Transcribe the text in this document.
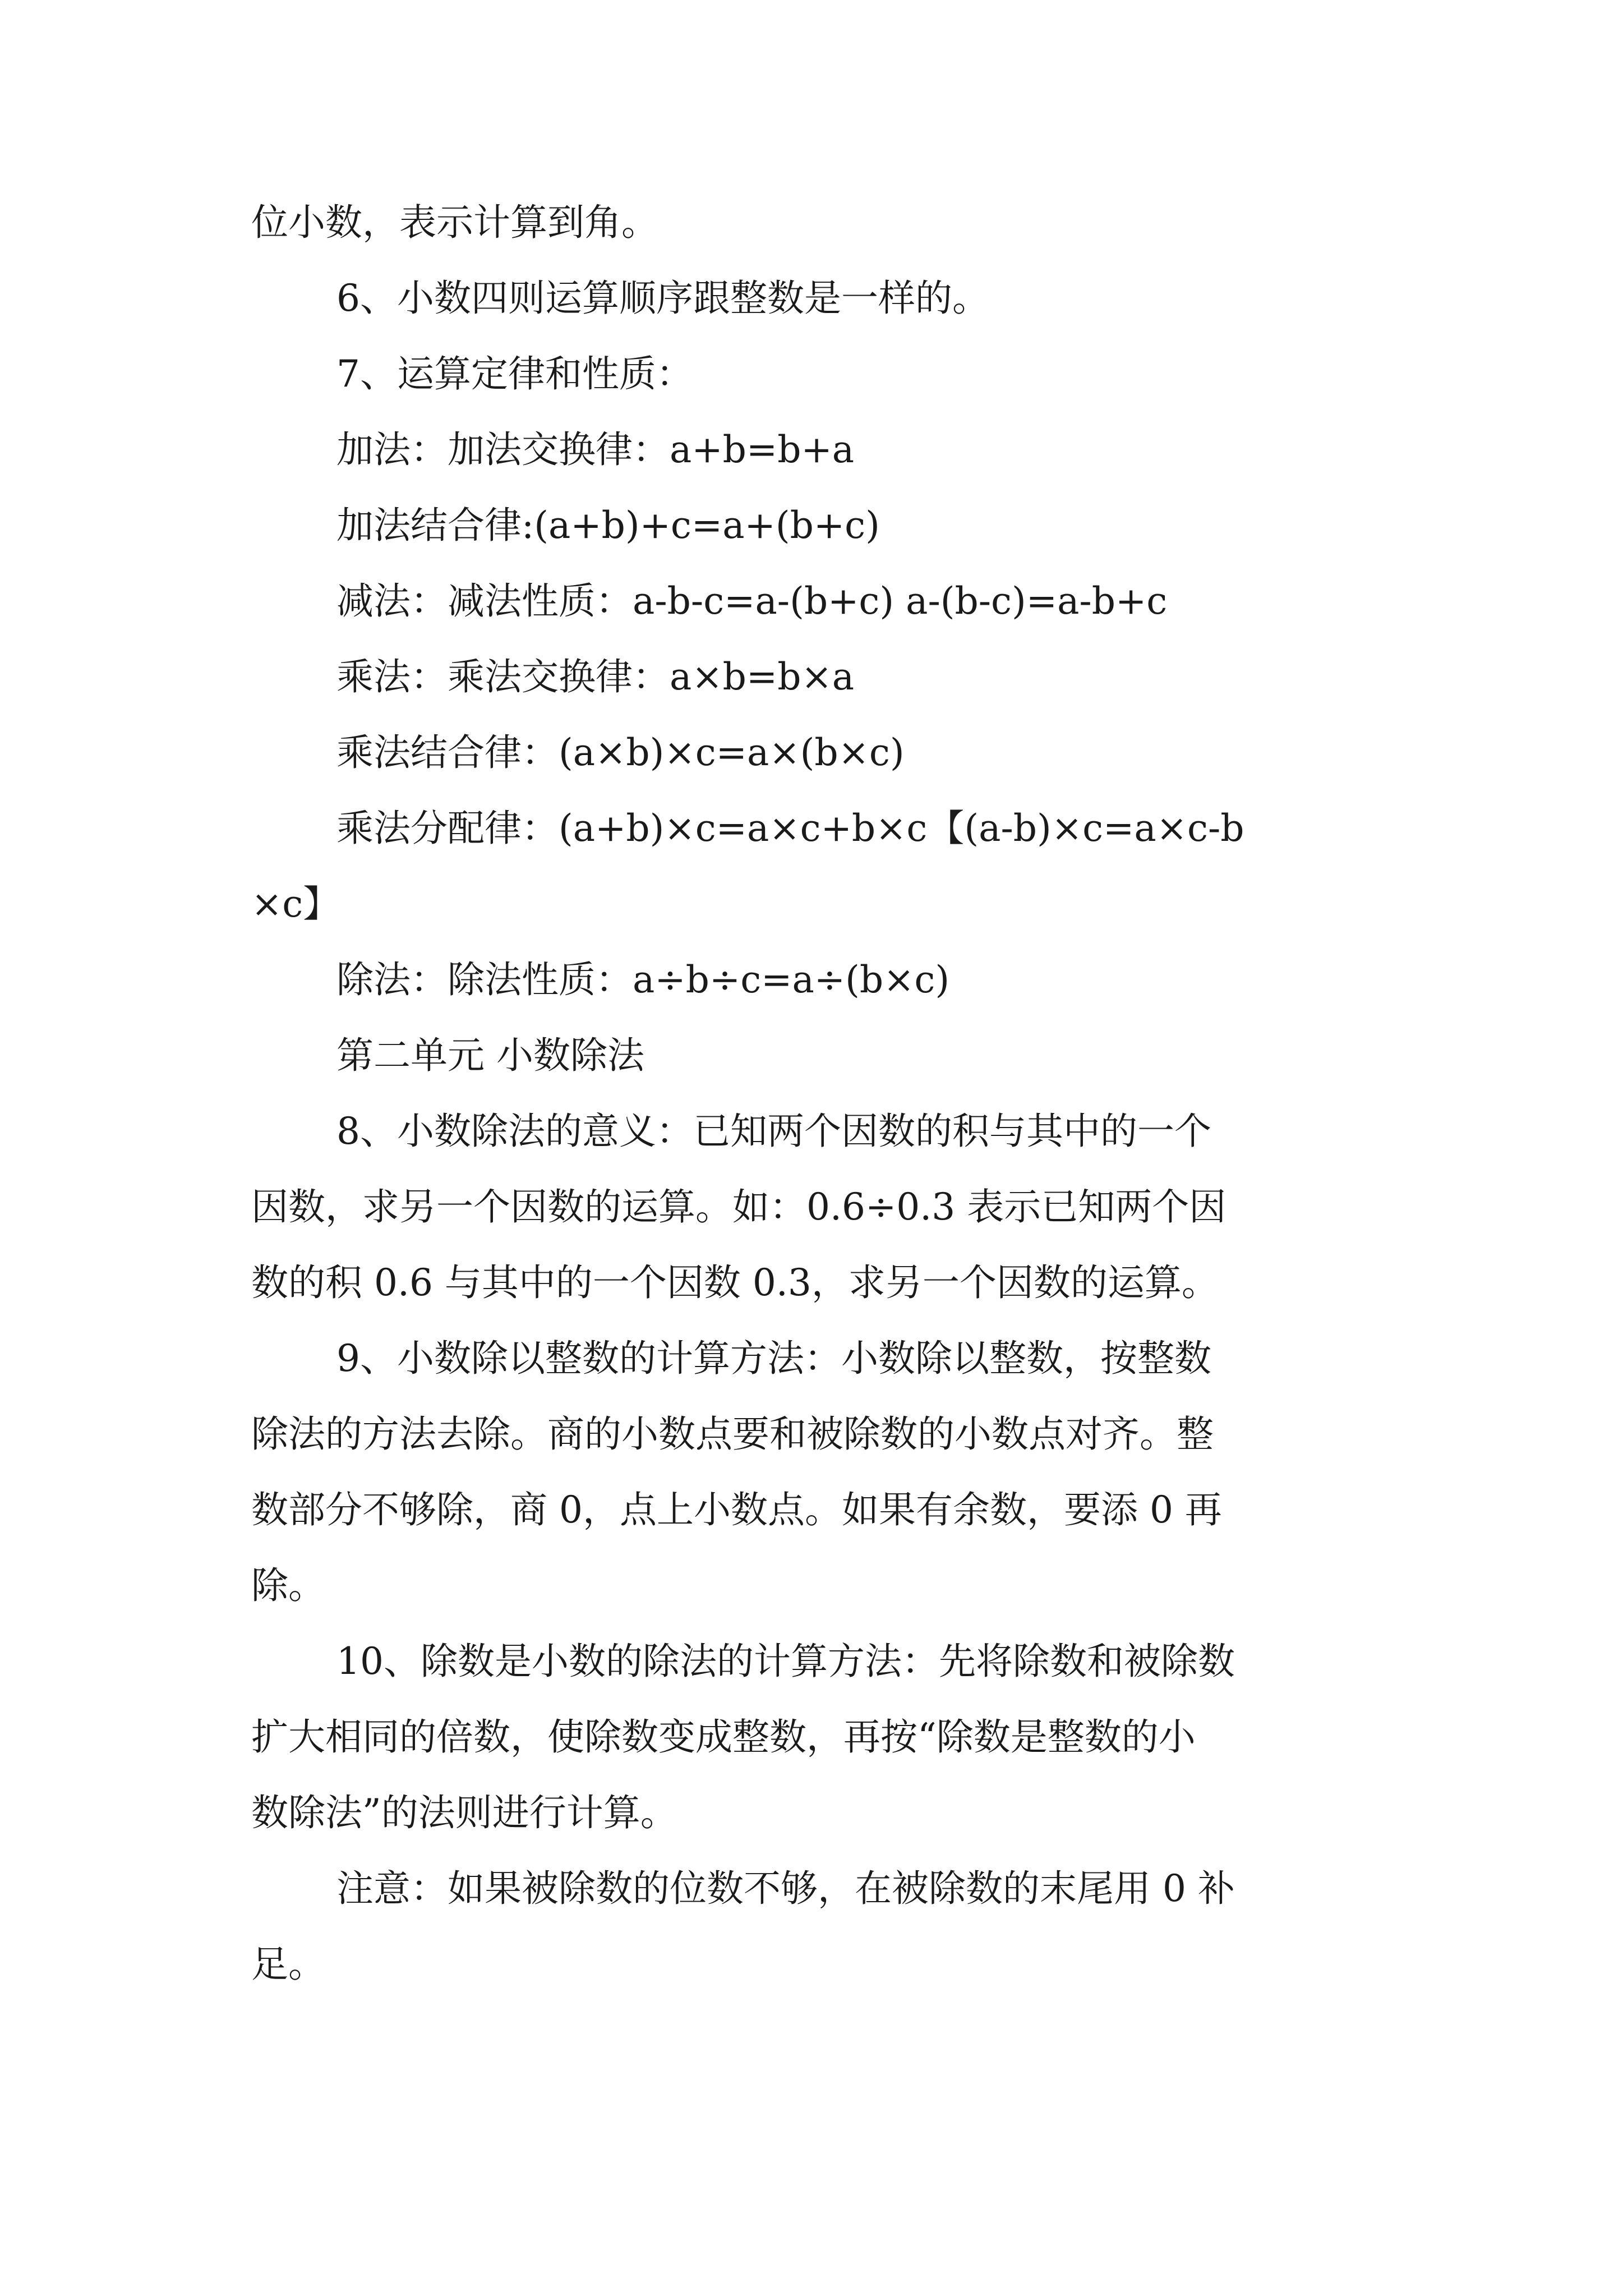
位小数，表示计算到角。
6、小数四则运算顺序跟整数是一样的。
7、运算定律和性质：
加法：加法交换律：a+b=b+a
加法结合律:(a+b)+c=a+(b+c)
减法：减法性质：a-b-c=a-(b+c) a-(b-c)=a-b+c
乘法：乘法交换律：a×b=b×a
乘法结合律：(a×b)×c=a×(b×c)
乘法分配律：(a+b)×c=a×c+b×c【(a-b)×c=a×c-b
×c】
除法：除法性质：a÷b÷c=a÷(b×c)
第二单元 小数除法
8、小数除法的意义：已知两个因数的积与其中的一个
因数，求另一个因数的运算。如：0.6÷0.3 表示已知两个因
数的积 0.6 与其中的一个因数 0.3，求另一个因数的运算。
9、小数除以整数的计算方法：小数除以整数，按整数
除法的方法去除。商的小数点要和被除数的小数点对齐。整
数部分不够除，商 0，点上小数点。如果有余数，要添 0 再
除。
10、除数是小数的除法的计算方法：先将除数和被除数
扩大相同的倍数，使除数变成整数，再按“除数是整数的小
数除法”的法则进行计算。
注意：如果被除数的位数不够，在被除数的末尾用 0 补
足。
